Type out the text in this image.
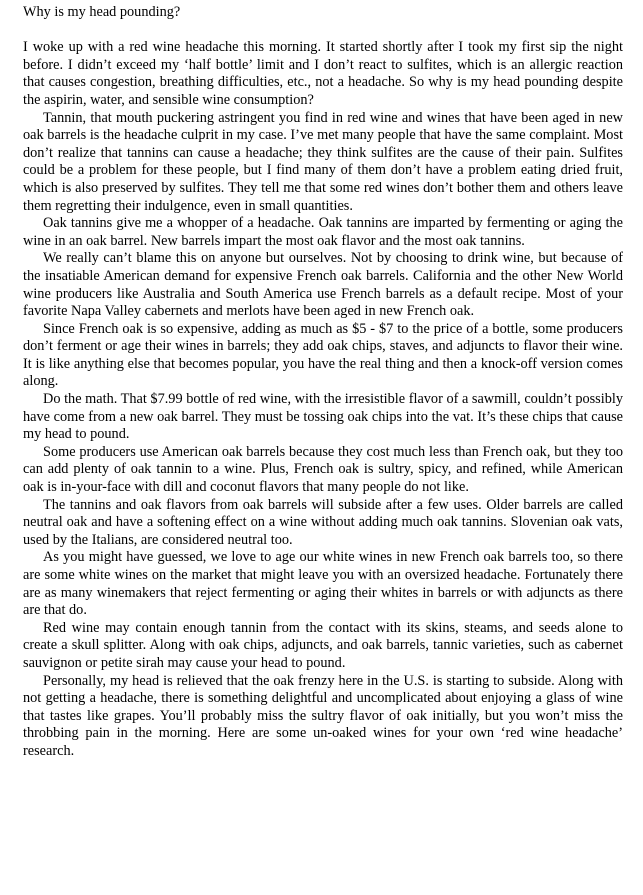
Why is my head pounding?

I woke up with a red wine headache this morning. It started shortly after I took my first sip the night before. I didn’t exceed my ‘half bottle’ limit and I don’t react to sulfites, which is an allergic reaction that causes congestion, breathing difficulties, etc., not a headache. So why is my head pounding despite the aspirin, water, and sensible wine consumption?

Tannin, that mouth puckering astringent you find in red wine and wines that have been aged in new oak barrels is the headache culprit in my case. I’ve met many people that have the same complaint. Most don’t realize that tannins can cause a headache; they think sulfites are the cause of their pain. Sulfites could be a problem for these people, but I find many of them don’t have a problem eating dried fruit, which is also preserved by sulfites. They tell me that some red wines don’t bother them and others leave them regretting their indulgence, even in small quantities.

Oak tannins give me a whopper of a headache. Oak tannins are imparted by fermenting or aging the wine in an oak barrel. New barrels impart the most oak flavor and the most oak tannins.

We really can’t blame this on anyone but ourselves. Not by choosing to drink wine, but because of the insatiable American demand for expensive French oak barrels. California and the other New World wine producers like Australia and South America use French barrels as a default recipe. Most of your favorite Napa Valley cabernets and merlots have been aged in new French oak.

Since French oak is so expensive, adding as much as $5 - $7 to the price of a bottle, some producers don’t ferment or age their wines in barrels; they add oak chips, staves, and adjuncts to flavor their wine. It is like anything else that becomes popular, you have the real thing and then a knock-off version comes along.

Do the math. That $7.99 bottle of red wine, with the irresistible flavor of a sawmill, couldn’t possibly have come from a new oak barrel. They must be tossing oak chips into the vat. It’s these chips that cause my head to pound.

Some producers use American oak barrels because they cost much less than French oak, but they too can add plenty of oak tannin to a wine. Plus, French oak is sultry, spicy, and refined, while American oak is in-your-face with dill and coconut flavors that many people do not like.

The tannins and oak flavors from oak barrels will subside after a few uses. Older barrels are called neutral oak and have a softening effect on a wine without adding much oak tannins. Slovenian oak vats, used by the Italians, are considered neutral too.

As you might have guessed, we love to age our white wines in new French oak barrels too, so there are some white wines on the market that might leave you with an oversized headache. Fortunately there are as many winemakers that reject fermenting or aging their whites in barrels or with adjuncts as there are that do.

Red wine may contain enough tannin from the contact with its skins, steams, and seeds alone to create a skull splitter. Along with oak chips, adjuncts, and oak barrels, tannic varieties, such as cabernet sauvignon or petite sirah may cause your head to pound.

Personally, my head is relieved that the oak frenzy here in the U.S. is starting to subside. Along with not getting a headache, there is something delightful and uncomplicated about enjoying a glass of wine that tastes like grapes. You’ll probably miss the sultry flavor of oak initially, but you won’t miss the throbbing pain in the morning. Here are some un-oaked wines for your own ‘red wine headache’ research.
